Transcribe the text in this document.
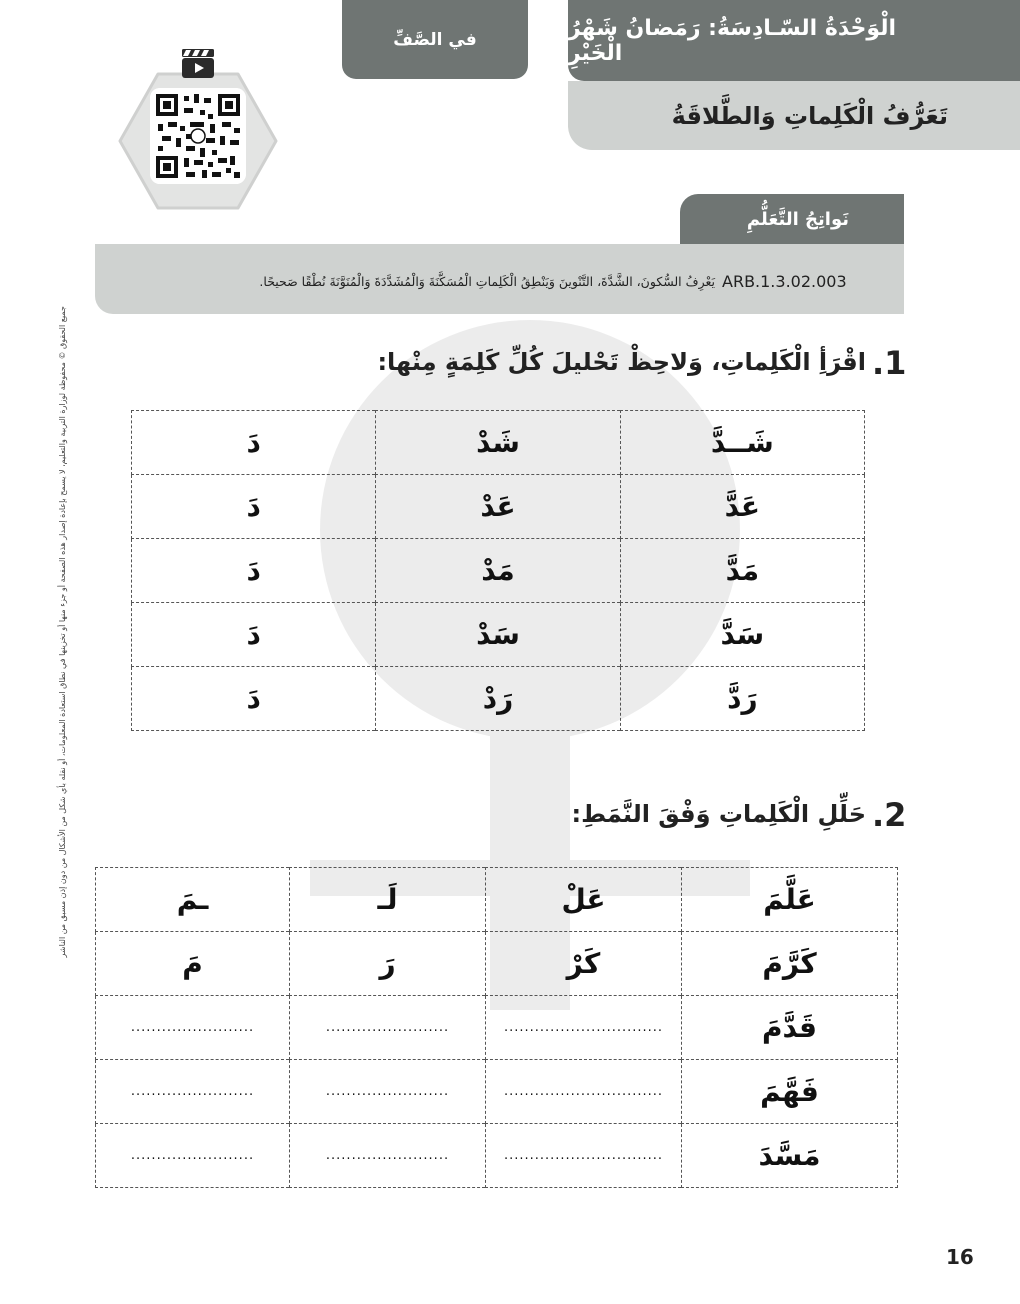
في الصَّفِّ	الْوَحْدَةُ السّـادِسَةُ: رَمَضانُ شَهْرُ الْخَيْرِ
تَعَرُّفُ الْكَلِماتِ وَالطَّلاقَةُ
نَواتِجُ التَّعَلُّمِ
ARB.1.3.02.003
يَعْرِفُ السُّكونَ، الشَّدَّةَ، التَّنْوينَ وَيَنْطِقُ الْكَلِماتِ الْمُسَكَّنَةَ وَالْمُشَدَّدَةَ وَالْمُنَوَّنَةَ نُطْقًا صَحيحًا.
جميع الحقوق © محفوظة لوزارة التربية والتعليم، لا يسمح بإعادة إصدار هذه الصفحة أو جزء منها أو تخزينها في نطاق استعادة المعلومات، أو نقله بأي شكل من الأشكال من دون إذن مسبق من الناشر	.1
اقْرَأِ الْكَلِماتِ، وَلاحِظْ تَحْليلَ كُلِّ كَلِمَةٍ مِنْها:
شَــدَّ	شَدْ	دَ
عَدَّ	عَدْ	دَ
مَدَّ	مَدْ	دَ
سَدَّ	سَدْ	دَ
رَدَّ	رَدْ	دَ
.2
حَلِّلِ الْكَلِماتِ وَفْقَ النَّمَطِ:
عَلَّمَ	عَلْ	لَـ	ـمَ
كَرَّمَ	كَرْ	رَ	مَ
قَدَّمَ	...............................	........................	........................
فَهَّمَ	...............................	........................	........................
مَسَّدَ	...............................	........................	........................
16
